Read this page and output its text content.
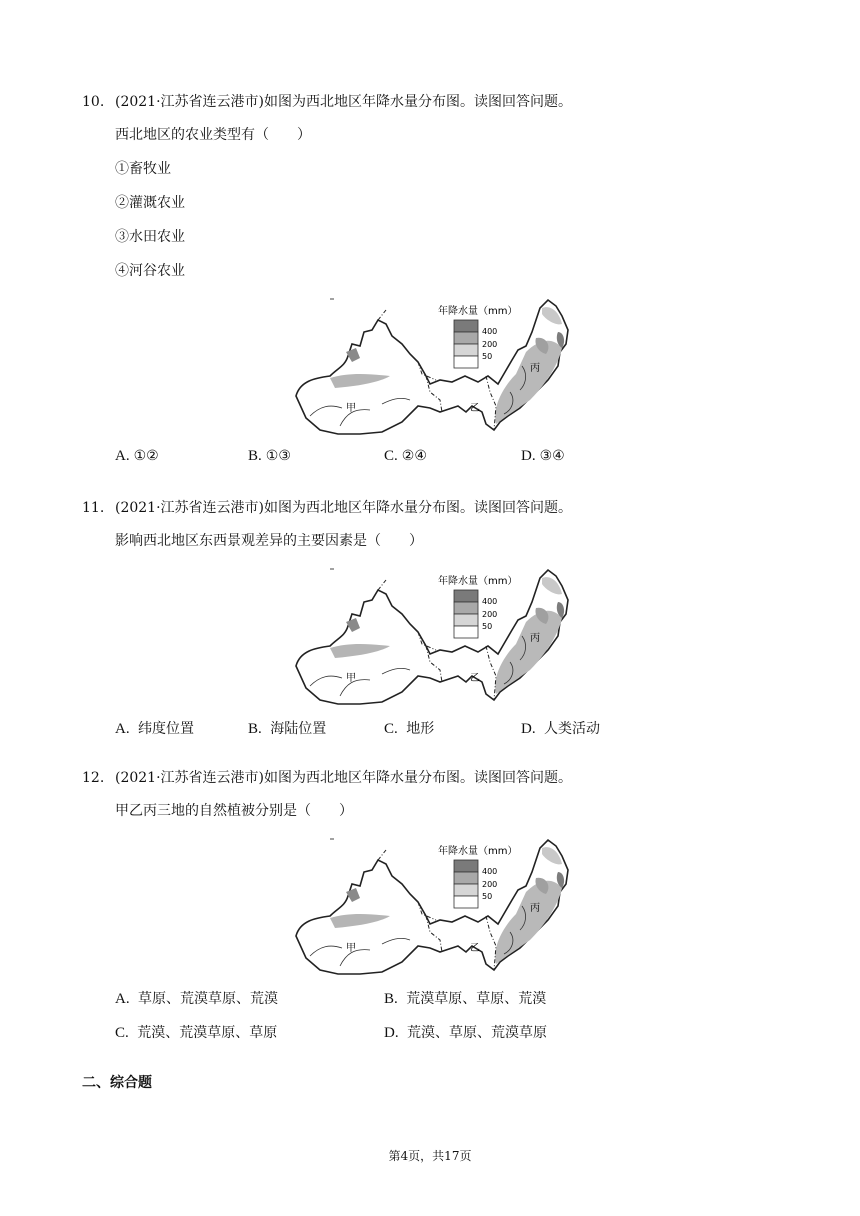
10. (2021·江苏省连云港市)如图为西北地区年降水量分布图。读图回答问题。
西北地区的农业类型有（　　）
①畜牧业
②灌溉农业
③水田农业
④河谷农业
年降水量（mm）
400
200
50
甲	乙
丙
A. ①②	B. ①③	C. ②④	D. ③④
11. (2021·江苏省连云港市)如图为西北地区年降水量分布图。读图回答问题。
影响西北地区东西景观差异的主要因素是（　　）
年降水量（mm）
400
200
50
甲	乙
丙
A. 纬度位置	B. 海陆位置	C. 地形	D. 人类活动
12. (2021·江苏省连云港市)如图为西北地区年降水量分布图。读图回答问题。
甲乙丙三地的自然植被分别是（　　）
年降水量（mm）
400
200
50
甲	乙
丙
A. 草原、荒漠草原、荒漠	B. 荒漠草原、草原、荒漠
C. 荒漠、荒漠草原、草原	D. 荒漠、草原、荒漠草原
二、综合题
第4页，共17页
